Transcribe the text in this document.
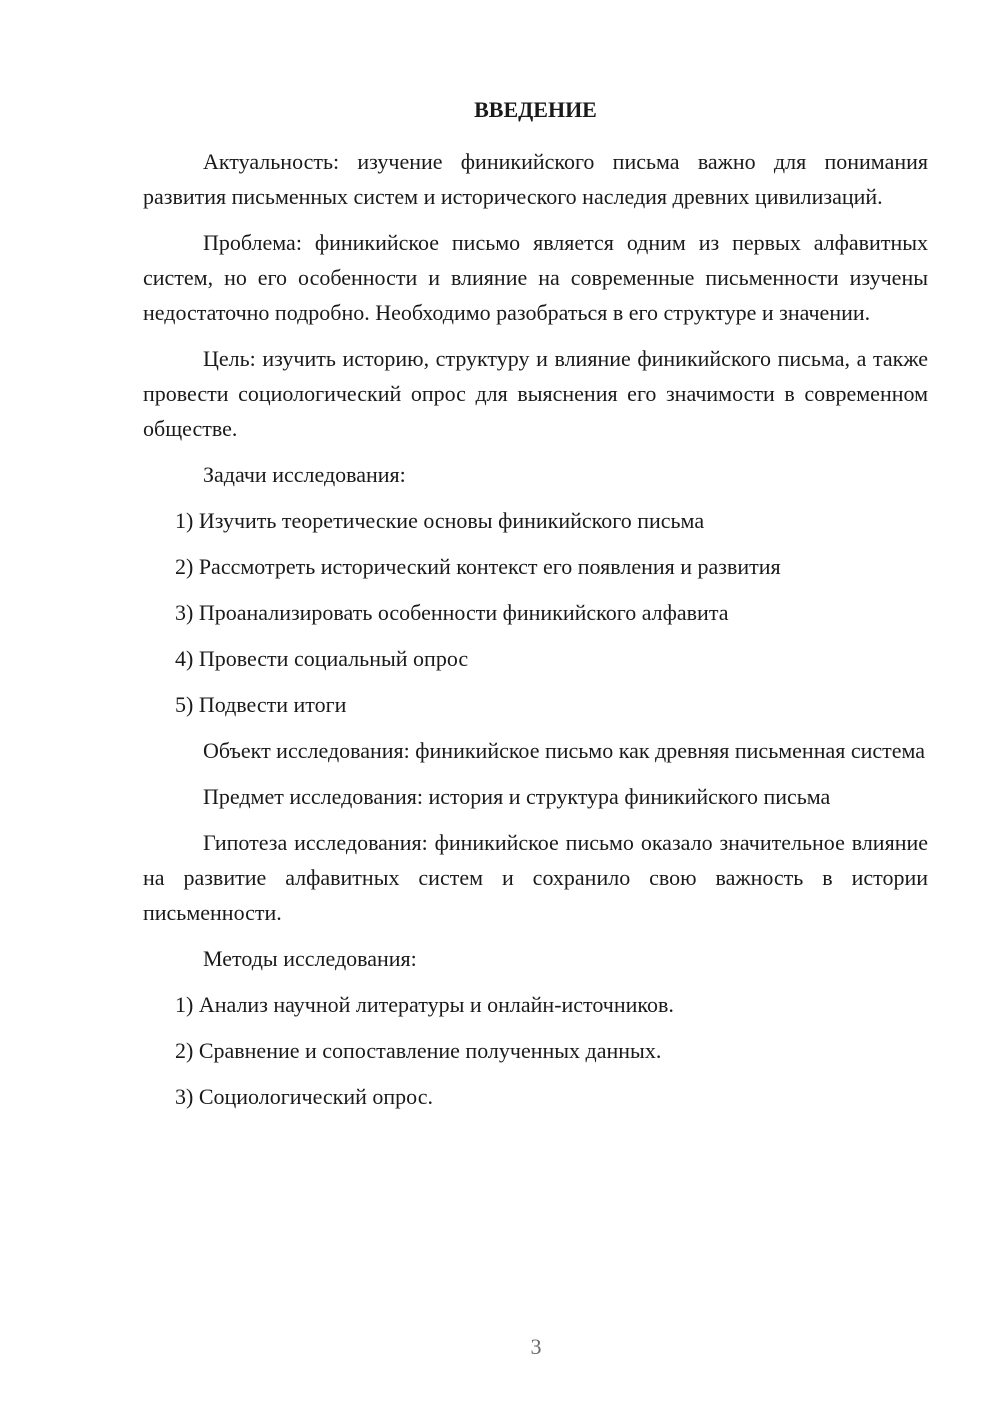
ВВЕДЕНИЕ

Актуальность: изучение финикийского письма важно для понимания развития письменных систем и исторического наследия древних цивилизаций.

Проблема: финикийское письмо является одним из первых алфавитных систем, но его особенности и влияние на современные письменности изучены недостаточно подробно. Необходимо разобраться в его структуре и значении.

Цель: изучить историю, структуру и влияние финикийского письма, а также провести социологический опрос для выяснения его значимости в современном обществе.

Задачи исследования:

1) Изучить теоретические основы финикийского письма
2) Рассмотреть исторический контекст его появления и развития
3) Проанализировать особенности финикийского алфавита
4) Провести социальный опрос
5) Подвести итоги

Объект исследования: финикийское письмо как древняя письменная система

Предмет исследования: история и структура финикийского письма

Гипотеза исследования: финикийское письмо оказало значительное влияние на развитие алфавитных систем и сохранило свою важность в истории письменности.

Методы исследования:

1) Анализ научной литературы и онлайн-источников.
2) Сравнение и сопоставление полученных данных.
3) Социологический опрос.
3
